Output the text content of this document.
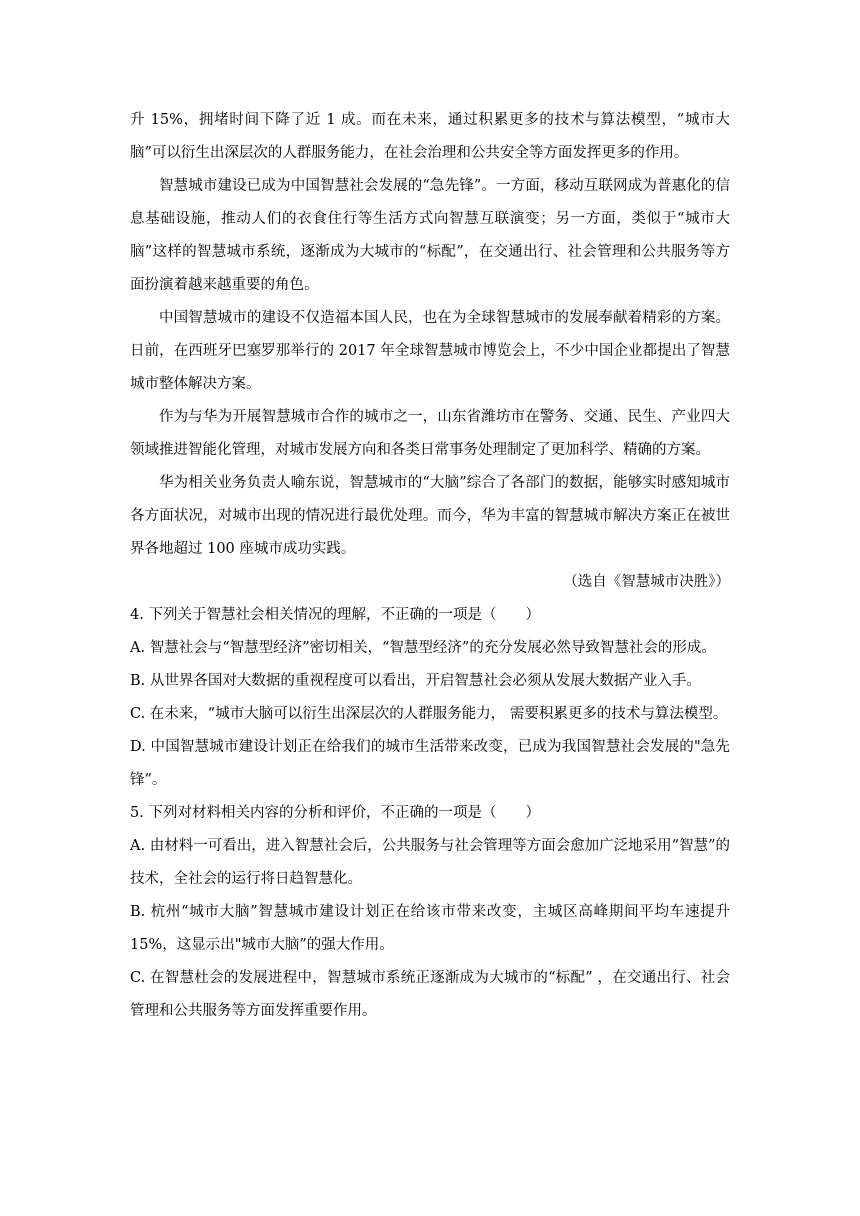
升 15%，拥堵时间下降了近 1 成。而在未来，通过积累更多的技术与算法模型，“城市大脑”可以衍生出深层次的人群服务能力，在社会治理和公共安全等方面发挥更多的作用。

智慧城市建设已成为中国智慧社会发展的“急先锋”。一方面，移动互联网成为普惠化的信息基础设施，推动人们的衣食住行等生活方式向智慧互联演变；另一方面，类似于“城市大脑”这样的智慧城市系统，逐渐成为大城市的“标配”，在交通出行、社会管理和公共服务等方面扮演着越来越重要的角色。

中国智慧城市的建设不仅造福本国人民，也在为全球智慧城市的发展奉献着精彩的方案。日前，在西班牙巴塞罗那举行的 2017 年全球智慧城市博览会上，不少中国企业都提出了智慧城市整体解决方案。

作为与华为开展智慧城市合作的城市之一，山东省潍坊市在警务、交通、民生、产业四大领域推进智能化管理，对城市发展方向和各类日常事务处理制定了更加科学、精确的方案。

华为相关业务负责人喻东说，智慧城市的“大脑”综合了各部门的数据，能够实时感知城市各方面状况，对城市出现的情况进行最优处理。而今，华为丰富的智慧城市解决方案正在被世界各地超过 100 座城市成功实践。

（选自《智慧城市决胜》）

4. 下列关于智慧社会相关情况的理解，不正确的一项是（　　）

A. 智慧社会与“智慧型经济”密切相关，“智慧型经济”的充分发展必然导致智慧社会的形成。

B. 从世界各国对大数据的重视程度可以看出，开启智慧社会必须从发展大数据产业入手。

C. 在未来，“城市大脑可以衍生出深层次的人群服务能力， 需要积累更多的技术与算法模型。

D. 中国智慧城市建设计划正在给我们的城市生活带来改变，已成为我国智慧社会发展的"急先锋”。

5. 下列对材料相关内容的分析和评价，不正确的一项是（　　）

A. 由材料一可看出，进入智慧社会后，公共服务与社会管理等方面会愈加广泛地采用“智慧”的技术，全社会的运行将日趋智慧化。

B. 杭州“城市大脑”智慧城市建设计划正在给该市带来改变，主城区高峰期间平均车速提升 15%，这显示出"城市大脑”的强大作用。

C. 在智慧杜会的发展进程中，智慧城市系统正逐渐成为大城市的“标配” ，在交通出行、社会管理和公共服务等方面发挥重要作用。
